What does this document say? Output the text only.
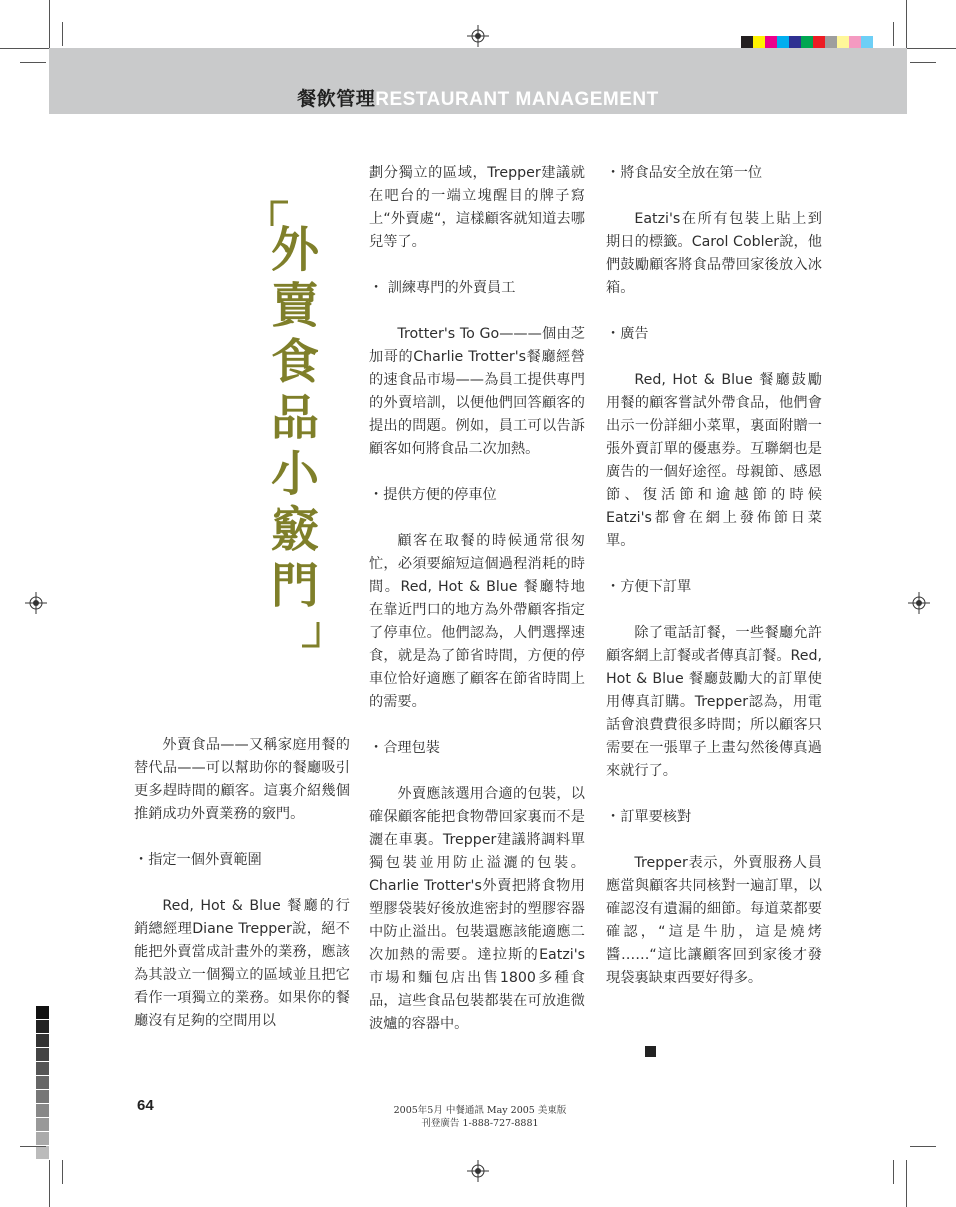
餐飲管理RESTAURANT MANAGEMENT
外
賣
食
品
小
竅
門

外賣食品——又稱家庭用餐的替代品——可以幫助你的餐廳吸引更多趕時間的顧客。這裏介紹幾個推銷成功外賣業務的竅門。

・指定一個外賣範圍

Red, Hot & Blue 餐廳的行銷總經理Diane Trepper說，絕不能把外賣當成計畫外的業務，應該為其設立一個獨立的區域並且把它看作一項獨立的業務。如果你的餐廳沒有足夠的空間用以

劃分獨立的區域，Trepper建議就在吧台的一端立塊醒目的牌子寫上“外賣處“，這樣顧客就知道去哪兒等了。

・ 訓練專門的外賣員工

Trotter's To Go———個由芝加哥的Charlie Trotter's餐廳經營的速食品市場——為員工提供專門的外賣培訓，以便他們回答顧客的提出的問題。例如，員工可以告訴顧客如何將食品二次加熱。

・提供方便的停車位

顧客在取餐的時候通常很匆忙，必須要縮短這個過程消耗的時間。Red, Hot & Blue 餐廳特地在靠近門口的地方為外帶顧客指定了停車位。他們認為，人們選擇速食，就是為了節省時間，方便的停車位恰好適應了顧客在節省時間上的需要。

・合理包裝

外賣應該選用合適的包裝，以確保顧客能把食物帶回家裏而不是灑在車裏。Trepper建議將調料單獨包裝並用防止溢灑的包裝。Charlie Trotter's外賣把將食物用塑膠袋裝好後放進密封的塑膠容器中防止溢出。包裝還應該能適應二次加熱的需要。達拉斯的Eatzi's市場和麵包店出售1800多種食品，這些食品包裝都裝在可放進微波爐的容器中。

・將食品安全放在第一位

Eatzi's在所有包裝上貼上到期日的標籤。Carol Cobler說，他們鼓勵顧客將食品帶回家後放入冰箱。

・廣告

Red, Hot & Blue 餐廳鼓勵用餐的顧客嘗試外帶食品，他們會出示一份詳細小菜單，裏面附贈一張外賣訂單的優惠券。互聯網也是廣告的一個好途徑。母親節、感恩節、復活節和逾越節的時候Eatzi's都會在網上發佈節日菜單。

・方便下訂單

除了電話訂餐，一些餐廳允許顧客網上訂餐或者傳真訂餐。Red, Hot & Blue 餐廳鼓勵大的訂單使用傳真訂購。Trepper認為，用電話會浪費費很多時間；所以顧客只需要在一張單子上畫勾然後傳真過來就行了。

・訂單要核對

Trepper表示，外賣服務人員應當與顧客共同核對一遍訂單，以確認沒有遺漏的細節。每道菜都要確認，“這是牛肋，這是燒烤醬……“這比讓顧客回到家後才發現袋裏缺東西要好得多。

64	2005年5月 中餐通訊 May 2005 美東版
刊登廣告 1-888-727-8881
